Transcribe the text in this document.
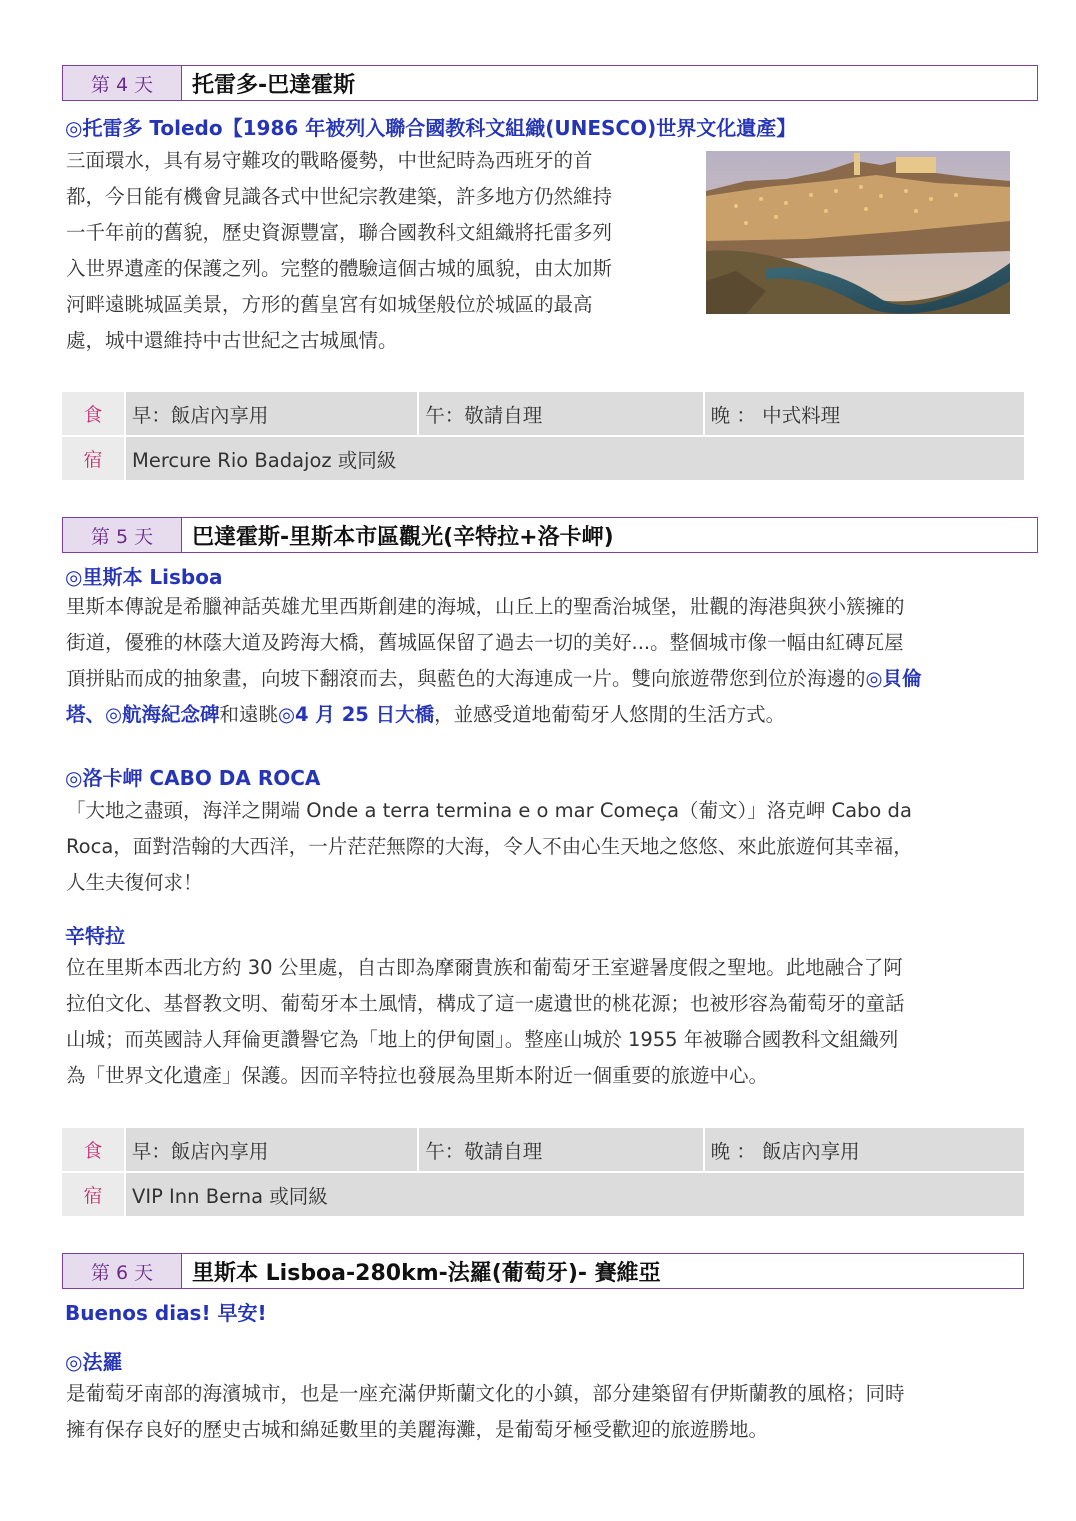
第 4 天	托雷多-巴達霍斯
◎托雷多 Toledo【1986 年被列入聯合國教科文組織(UNESCO)世界文化遺產】
三面環水，具有易守難攻的戰略優勢，中世紀時為西班牙的首
都，今日能有機會見識各式中世紀宗教建築，許多地方仍然維持
一千年前的舊貌，歷史資源豐富，聯合國教科文組織將托雷多列
入世界遺產的保護之列。完整的體驗這個古城的風貌，由太加斯
河畔遠眺城區美景，方形的舊皇宮有如城堡般位於城區的最高
處，城中還維持中古世紀之古城風情。
食	早：飯店內享用	午：敬請自理	晚 ： 中式料理
宿	Mercure Rio Badajoz 或同級
第 5 天	巴達霍斯-里斯本市區觀光(辛特拉+洛卡岬)
◎里斯本 Lisboa
里斯本傳說是希臘神話英雄尤里西斯創建的海城，山丘上的聖喬治城堡，壯觀的海港與狹小簇擁的
街道，優雅的林蔭大道及跨海大橋，舊城區保留了過去一切的美好...。整個城市像一幅由紅磚瓦屋
頂拼貼而成的抽象畫，向坡下翻滾而去，與藍色的大海連成一片。雙向旅遊帶您到位於海邊的◎貝倫
塔、◎航海紀念碑和遠眺◎4 月 25 日大橋，並感受道地葡萄牙人悠閒的生活方式。
◎洛卡岬 CABO DA ROCA
「大地之盡頭，海洋之開端 Onde a terra termina e o mar Começa（葡文）」洛克岬 Cabo da
Roca，面對浩翰的大西洋，一片茫茫無際的大海，令人不由心生天地之悠悠、來此旅遊何其幸福，
人生夫復何求！
辛特拉
位在里斯本西北方約 30 公里處，自古即為摩爾貴族和葡萄牙王室避暑度假之聖地。此地融合了阿
拉伯文化、基督教文明、葡萄牙本土風情，構成了這一處遺世的桃花源；也被形容為葡萄牙的童話
山城；而英國詩人拜倫更讚譽它為「地上的伊甸園」。整座山城於 1955 年被聯合國教科文組織列
為「世界文化遺產」保護。因而辛特拉也發展為里斯本附近一個重要的旅遊中心。
食	早：飯店內享用	午：敬請自理	晚 ： 飯店內享用
宿	VIP Inn Berna 或同級
第 6 天	里斯本 Lisboa-280km-法羅(葡萄牙)- 賽維亞
Buenos dias! 早安!
◎法羅
是葡萄牙南部的海濱城市，也是一座充滿伊斯蘭文化的小鎮，部分建築留有伊斯蘭教的風格；同時
擁有保存良好的歷史古城和綿延數里的美麗海灘，是葡萄牙極受歡迎的旅遊勝地。
